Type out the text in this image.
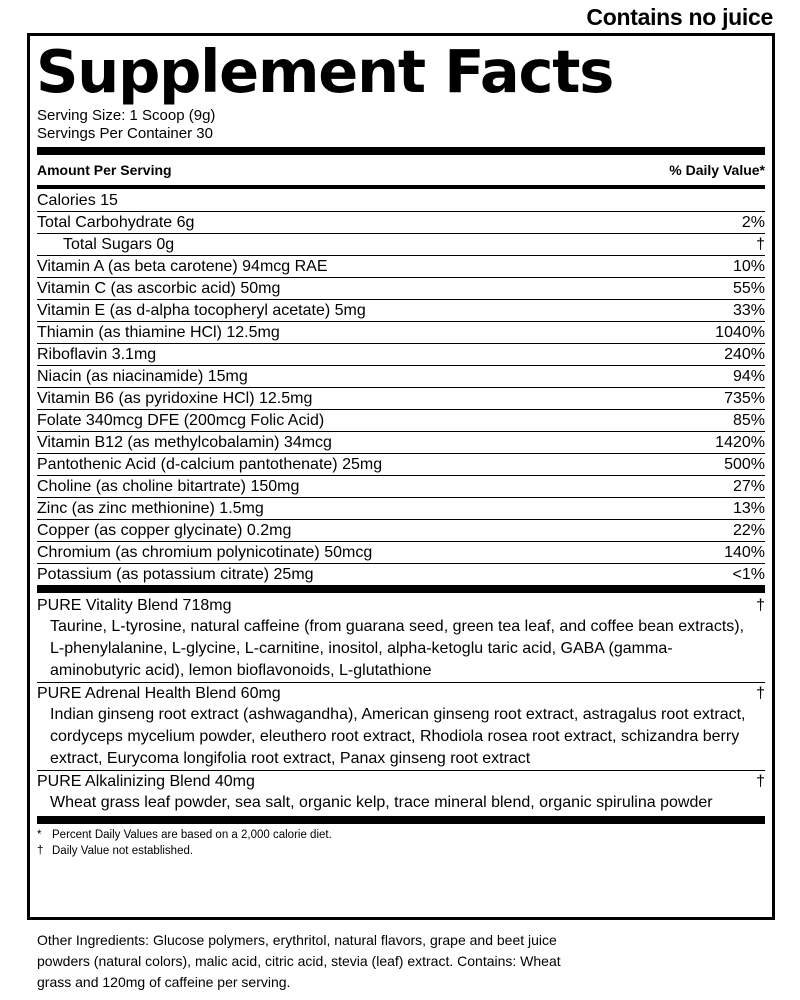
Contains no juice
Supplement Facts
Serving Size: 1 Scoop (9g)
Servings Per Container 30
Amount Per Serving	% Daily Value*
Calories 15
Total Carbohydrate 6g	2%
Total Sugars 0g	†
Vitamin A (as beta carotene) 94mcg RAE	10%
Vitamin C (as ascorbic acid) 50mg	55%
Vitamin E (as d-alpha tocopheryl acetate) 5mg	33%
Thiamin (as thiamine HCl) 12.5mg	1040%
Riboflavin 3.1mg	240%
Niacin (as niacinamide) 15mg	94%
Vitamin B6 (as pyridoxine HCl) 12.5mg	735%
Folate 340mcg DFE (200mcg Folic Acid)	85%
Vitamin B12 (as methylcobalamin) 34mcg	1420%
Pantothenic Acid (d-calcium pantothenate) 25mg	500%
Choline (as choline bitartrate) 150mg	27%
Zinc (as zinc methionine) 1.5mg	13%
Copper (as copper glycinate) 0.2mg	22%
Chromium (as chromium polynicotinate) 50mcg	140%
Potassium (as potassium citrate) 25mg	<1%
PURE Vitality Blend 718mg	†
Taurine, L-tyrosine, natural caffeine (from guarana seed, green tea leaf, and coffee bean extracts), L-phenylalanine, L-glycine, L-carnitine, inositol, alpha-ketoglu taric acid, GABA (gamma-aminobutyric acid), lemon bioflavonoids, L-glutathione
PURE Adrenal Health Blend 60mg	†
Indian ginseng root extract (ashwagandha), American ginseng root extract, astragalus root extract, cordyceps mycelium powder, eleuthero root extract, Rhodiola rosea root extract, schizandra berry extract, Eurycoma longifolia root extract, Panax ginseng root extract
PURE Alkalinizing Blend 40mg	†
Wheat grass leaf powder, sea salt, organic kelp, trace mineral blend, organic spirulina powder
* Percent Daily Values are based on a 2,000 calorie diet.
† Daily Value not established.
Other Ingredients: Glucose polymers, erythritol, natural flavors, grape and beet juice powders (natural colors), malic acid, citric acid, stevia (leaf) extract. Contains: Wheat grass and 120mg of caffeine per serving.
